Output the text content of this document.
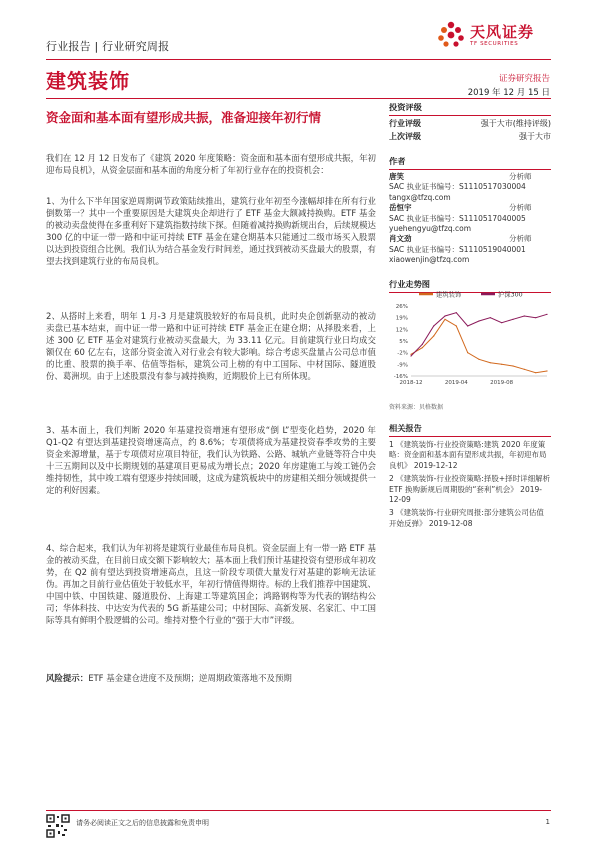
行业报告 | 行业研究周报
天风证券
TF SECURITIES
建筑装饰	证券研究报告
2019 年 12 月 15 日
资金面和基本面有望形成共振，准备迎接年初行情
投资评级
行业评级	强于大市(维持评级)
上次评级	强于大市
作者
唐笑	分析师
SAC 执业证书编号：S1110517030004
tangx@tfzq.com
岳恒宇	分析师
SAC 执业证书编号：S1110517040005
yuehengyu@tfzq.com
肖文劲	分析师
SAC 执业证书编号：S1110519040001
xiaowenjin@tfzq.com
行业走势图
建筑装饰	沪深300
26%
19%
12%
5%
-2%
-9%
-16%
2018-12	2019-04	2019-08
资料来源：贝格数据
相关报告
1 《建筑装饰-行业投资策略:建筑 2020 年度策略：资金面和基本面有望形成共振，年初迎布局良机》 2019-12-12
2 《建筑装饰-行业投资策略:择股+择时详细解析 ETF 换购新规后周期股的“套利”机会》 2019-12-09
3 《建筑装饰-行业研究周报:部分建筑公司估值开始反弹》 2019-12-08
我们在 12 月 12 日发布了《建筑 2020 年度策略：资金面和基本面有望形成共振，年初迎布局良机》，从资金层面和基本面的角度分析了年初行业存在的投资机会：
1、为什么下半年国家逆周期调节政策陆续推出，建筑行业年初至今涨幅却排在所有行业倒数第一？其中一个重要原因是大建筑央企却进行了 ETF 基金大额减持换购。ETF 基金的被动卖盘使得在多重利好下建筑指数持续下探。但随着减持换购新规出台，后续规模达 300 亿的中证一带一路和中证可持续 ETF 基金在建仓期基本只能通过二级市场买入股票以达到投资组合比例。我们认为结合基金发行时间差，通过找到被动买盘最大的股票，有望去找到建筑行业的布局良机。
2、从搭时上来看，明年 1 月-3 月是建筑股较好的布局良机，此时央企创新驱动的被动卖盘已基本结束，而中证一带一路和中证可持续 ETF 基金正在建仓期；从择股来看，上述 300 亿 ETF 基金对建筑行业被动买盘最大，为 33.11 亿元。目前建筑行业日均成交额仅在 60 亿左右，这部分资金流入对行业会有较大影响。综合考虑买盘量占公司总市值的比重、股票的换手率、估值等指标，建筑公司上榜的有中工国际、中材国际、隧道股份、葛洲坝。由于上述股票没有参与减持换购，近期股价上已有所体现。
3、基本面上，我们判断 2020 年基建投资增速有望形成“倒 L”型变化趋势，2020 年 Q1-Q2 有望达到基建投资增速高点，约 8.6%；专项债将成为基建投资春季攻势的主要资金来源增量，基于专项债对应项目特征，我们认为铁路、公路、城轨产业链等符合中央十三五期间以及中长期规划的基建项目更易成为增长点；2020 年房建施工与竣工链仍会维持韧性，其中竣工端有望逐步持续回暖，这成为建筑板块中的房建相关细分领域提供一定的利好因素。
4、综合起来，我们认为年初将是建筑行业最佳布局良机。资金层面上有一带一路 ETF 基金的被动买盘，在目前日成交额下影响较大；基本面上我们预计基建投资有望形成年初攻势，在 Q2 前有望达到投资增速高点，且这一阶段专项债大量发行对基建的影响无法证伪。再加之目前行业估值处于较低水平，年初行情值得期待。标的上我们推荐中国建筑、中国中铁、中国铁建、隧道股份、上海建工等建筑国企；鸿路钢构等为代表的钢结构公司；华体科技、中达安为代表的 5G 新基建公司；中材国际、高新发展、名家汇、中工国际等具有鲜明个股逻辑的公司。维持对整个行业的“强于大市”评级。
风险提示：ETF 基金建仓进度不及预期；逆周期政策落地不及预期
请务必阅读正文之后的信息披露和免责申明	1
